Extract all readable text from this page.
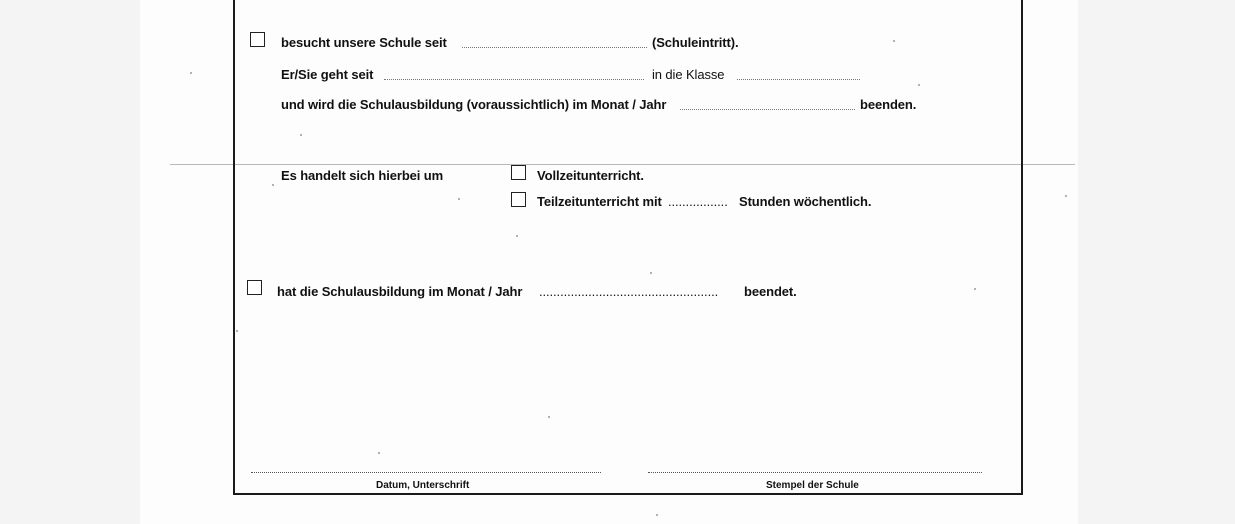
besucht unsere Schule seit	(Schuleintritt).
Er/Sie geht seit	in die Klasse
und wird die Schulausbildung (voraussichtlich) im Monat / Jahr	beenden.
Es handelt sich hierbei um	Vollzeitunterricht.
Teilzeitunterricht mit ................. Stunden wöchentlich.
hat die Schulausbildung im Monat / Jahr ................................................... beendet.
Datum, Unterschrift	Stempel der Schule
